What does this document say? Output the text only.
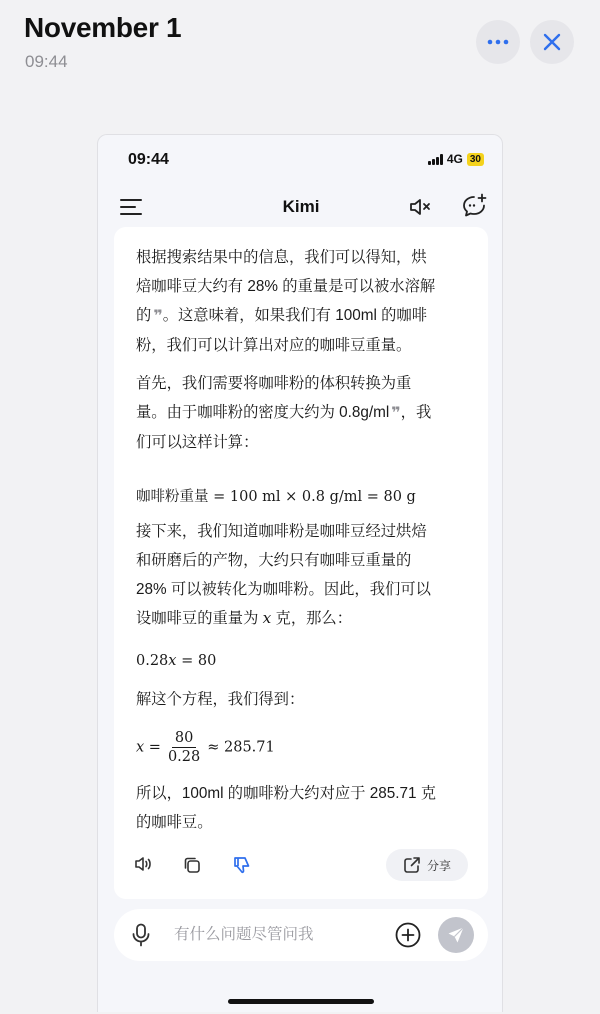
November 1
09:44
09:44	4G 30
Kimi
根据搜索结果中的信息，我们可以得知，烘
焙咖啡豆大约有 28% 的重量是可以被水溶解
的 ❞ 。这意味着，如果我们有 100ml 的咖啡
粉，我们可以计算出对应的咖啡豆重量。
首先，我们需要将咖啡粉的体积转换为重
量。由于咖啡粉的密度大约为 0.8g/ml ❞ ，我
们可以这样计算：
咖啡粉重量 = 100 ml × 0.8 g/ml = 80 g
接下来，我们知道咖啡粉是咖啡豆经过烘焙
和研磨后的产物，大约只有咖啡豆重量的
28% 可以被转化为咖啡粉。因此，我们可以
设咖啡豆的重量为 x 克，那么：
0.28x = 80
解这个方程，我们得到：
$x = \frac{80}{0.28} \approx 285.71$
所以，100ml 的咖啡粉大约对应于 285.71 克
的咖啡豆。
分享
有什么问题尽管问我
